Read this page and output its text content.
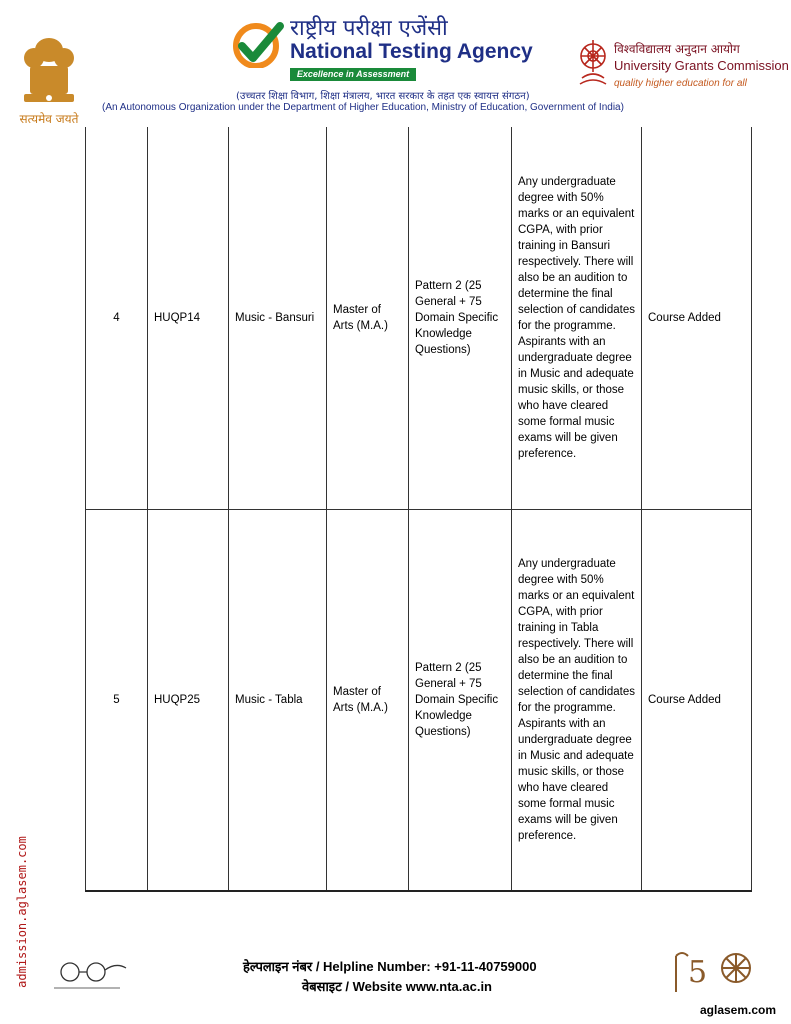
सत्यमेव जयते
राष्ट्रीय परीक्षा एजेंसी
National Testing Agency
Excellence in Assessment
(उच्चतर शिक्षा विभाग, शिक्षा मंत्रालय, भारत सरकार के तहत एक स्वायत्त संगठन)
(An Autonomous Organization under the Department of Higher Education, Ministry of Education, Government of India)
विश्वविद्यालय अनुदान आयोग
University Grants Commission
quality higher education for all
4	HUQP14	Music - Bansuri	Master of Arts (M.A.)	Pattern 2 (25 General + 75 Domain Specific Knowledge Questions)	Any undergraduate degree with 50% marks or an equivalent CGPA, with prior training in Bansuri respectively. There will also be an audition to determine the final selection of candidates for the programme. Aspirants with an undergraduate degree in Music and adequate music skills, or those who have cleared some formal music exams will be given preference.	Course Added
5	HUQP25	Music - Tabla	Master of Arts (M.A.)	Pattern 2 (25 General + 75 Domain Specific Knowledge Questions)	Any undergraduate degree with 50% marks or an equivalent CGPA, with prior training in Tabla respectively. There will also be an audition to determine the final selection of candidates for the programme. Aspirants with an undergraduate degree in Music and adequate music skills, or those who have cleared some formal music exams will be given preference.	Course Added
admission.aglasem.com	हेल्पलाइन नंबर / Helpline Number: +91-11-40759000
वेबसाइट / Website www.nta.ac.in	5
aglasem.com
